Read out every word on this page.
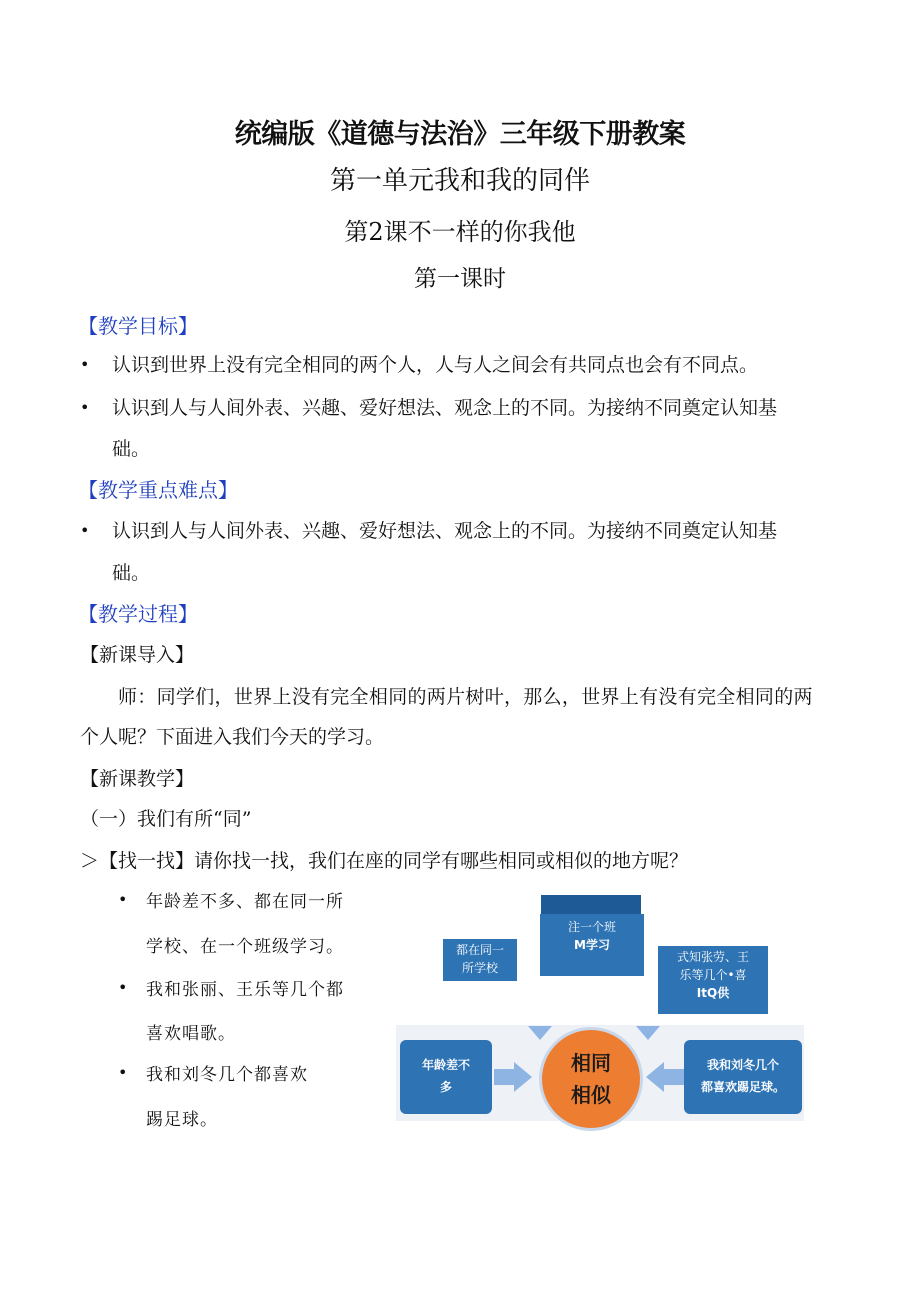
统编版《道德与法治》三年级下册教案
第一单元我和我的同伴
第2课不一样的你我他
第一课时
【教学目标】
• 认识到世界上没有完全相同的两个人，人与人之间会有共同点也会有不同点。
• 认识到人与人间外表、兴趣、爱好想法、观念上的不同。为接纳不同奠定认知基
础。
【教学重点难点】
• 认识到人与人间外表、兴趣、爱好想法、观念上的不同。为接纳不同奠定认知基
础。
【教学过程】
【新课导入】
师：同学们，世界上没有完全相同的两片树叶，那么，世界上有没有完全相同的两
个人呢？下面进入我们今天的学习。
【新课教学】
（一）我们有所“同”
＞【找一找】请你找一找，我们在座的同学有哪些相同或相似的地方呢？
• 年龄差不多、都在同一所
学校、在一个班级学习。
• 我和张丽、王乐等几个都
喜欢唱歌。
• 我和刘冬几个都喜欢
踢足球。
都在同一
所学校
注一个班
M学习
式知张劳、王
乐等几个•喜
ItQ供
年龄差不
多
我和刘冬几个
都喜欢踢足球。
相同
相似
